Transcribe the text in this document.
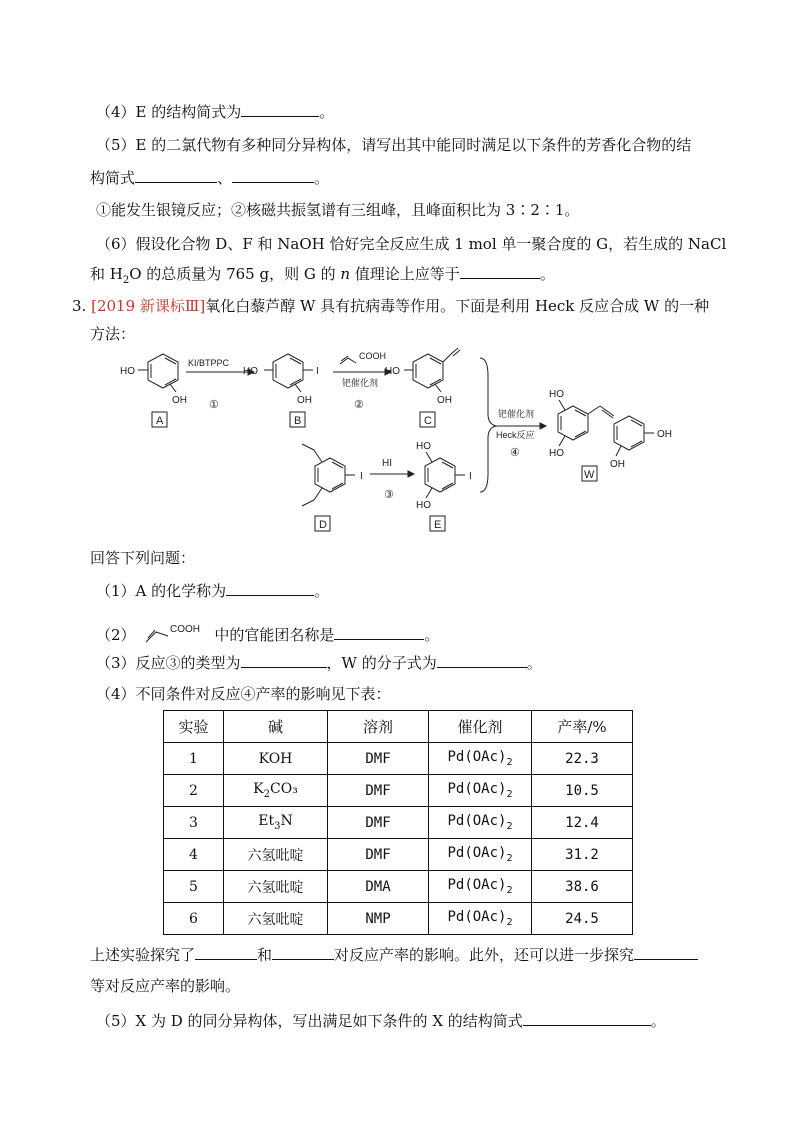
（4）E 的结构简式为	。
（5）E 的二氯代物有多种同分异构体，请写出其中能同时满足以下条件的芳香化合物的结
构简式	、	。
①能发生银镜反应；②核磁共振氢谱有三组峰，且峰面积比为 3∶2∶1。
（6）假设化合物 D、F 和 NaOH 恰好完全反应生成 1 mol 单一聚合度的 G，若生成的 NaCl
和 $H_2O$ 的总质量为 765 g，则 G 的 n 值理论上应等于	。
3. [2019 新课标Ⅲ]氧化白藜芦醇 W 具有抗病毒等作用。下面是利用 Heck 反应合成 W 的一种
方法：
HO
OH
A
KI/BTPPC
①
HO	I
OH
B
COOH
钯催化剂
②
HO
OH
C
I
D
HI
③
HO
HO
I
E
钯催化剂
Heck反应
④
HO
HO
OH
OH
W
回答下列问题：
（1）A 的化学称为	。
（2）	COOH 中的官能团名称是	。
（3）反应③的类型为	，W 的分子式为	。
（4）不同条件对反应④产率的影响见下表：
实验	碱	溶剂	催化剂	产率/%
1	KOH	DMF	$Pd(OAc)_2$	22.3
2	$K_2CO_3$	DMF	$Pd(OAc)_2$	10.5
3	$Et_3N$	DMF	$Pd(OAc)_2$	12.4
4	六氢吡啶	DMF	$Pd(OAc)_2$	31.2
5	六氢吡啶	DMA	$Pd(OAc)_2$	38.6
6	六氢吡啶	NMP	$Pd(OAc)_2$	24.5
上述实验探究了	和	对反应产率的影响。此外，还可以进一步探究
等对反应产率的影响。
（5）X 为 D 的同分异构体，写出满足如下条件的 X 的结构简式	。
